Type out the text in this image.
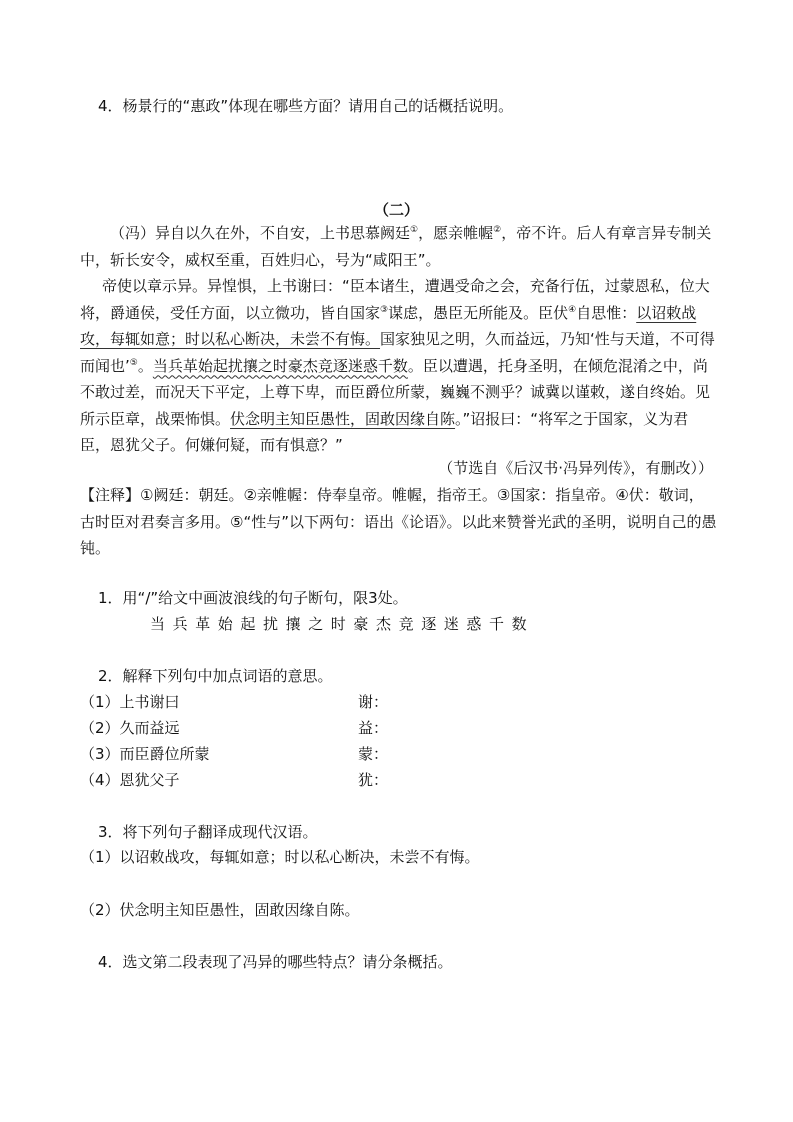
4．杨景行的“惠政”体现在哪些方面？请用自己的话概括说明。
（二）
（冯）异自以久在外，不自安，上书思慕阙廷①，愿亲帷幄②，帝不许。后人有章言异专制关中，斩长安令，威权至重，百姓归心，号为“咸阳王”。
帝使以章示异。异惶惧，上书谢曰：“臣本诸生，遭遇受命之会，充备行伍，过蒙恩私，位大将，爵通侯，受任方面，以立微功，皆自国家③谋虑，愚臣无所能及。臣伏④自思惟：以诏敕战攻，每辄如意；时以私心断决，未尝不有悔。国家独见之明，久而益远，乃知‘性与天道，不可得而闻也’⑤。当兵革始起扰攘之时豪杰竞逐迷惑千数。臣以遭遇，托身圣明，在倾危混淆之中，尚不敢过差，而况天下平定，上尊下卑，而臣爵位所蒙，巍巍不测乎？诚冀以谨敕，遂自终始。见所示臣章，战栗怖惧。伏念明主知臣愚性，固敢因缘自陈。”诏报曰：“将军之于国家，义为君臣，恩犹父子。何嫌何疑，而有惧意？”
（节选自《后汉书·冯异列传》，有删改））
【注释】①阙廷：朝廷。②亲帷幄：侍奉皇帝。帷幄，指帝王。③国家：指皇帝。④伏：敬词，古时臣对君奏言多用。⑤“性与”以下两句：语出《论语》。以此来赞誉光武的圣明，说明自己的愚钝。
1．用“/”给文中画波浪线的句子断句，限3处。
当兵革始起扰攘之时豪杰竞逐迷惑千数
2．解释下列句中加点词语的意思。
（1）上书谢曰	谢：
（2）久而益远	益：
（3）而臣爵位所蒙	蒙：
（4）恩犹父子	犹：
3．将下列句子翻译成现代汉语。
（1）以诏敕战攻，每辄如意；时以私心断决，未尝不有悔。
（2）伏念明主知臣愚性，固敢因缘自陈。
4．选文第二段表现了冯异的哪些特点？请分条概括。
